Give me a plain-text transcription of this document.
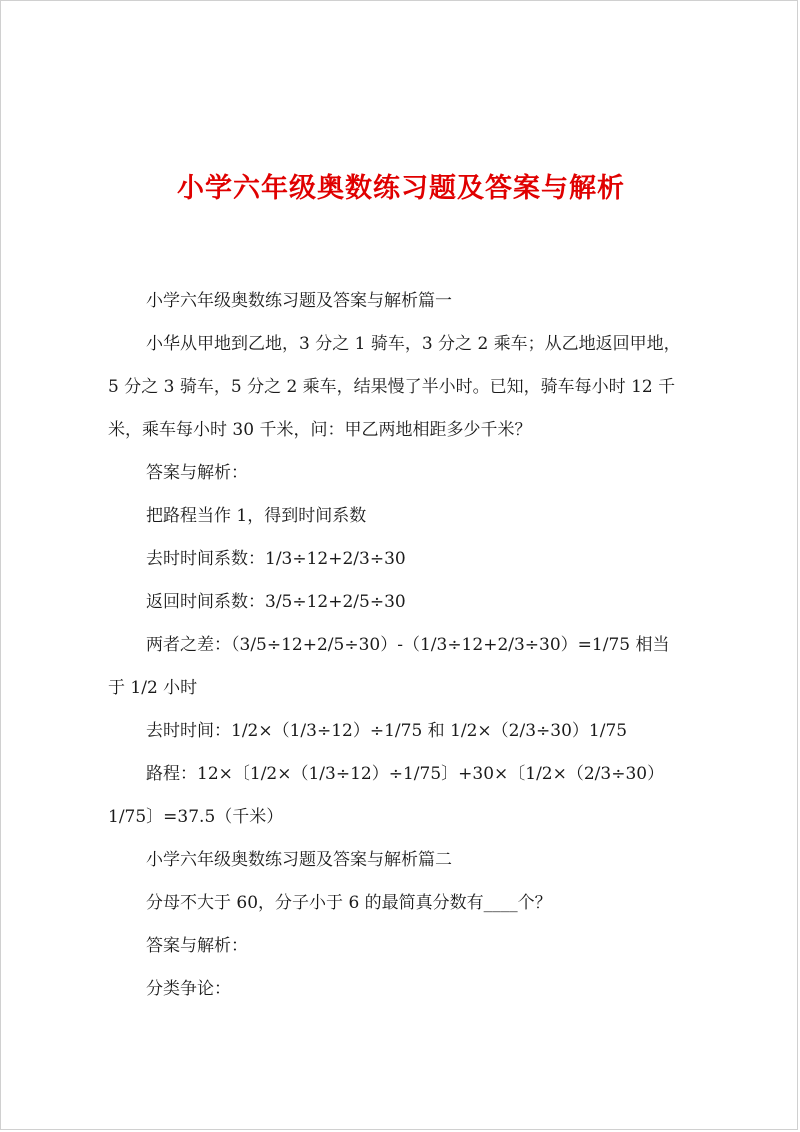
小学六年级奥数练习题及答案与解析

小学六年级奥数练习题及答案与解析篇一

小华从甲地到乙地，3 分之 1 骑车，3 分之 2 乘车；从乙地返回甲地，

5 分之 3 骑车，5 分之 2 乘车，结果慢了半小时。已知，骑车每小时 12 千

米，乘车每小时 30 千米，问：甲乙两地相距多少千米？

答案与解析：

把路程当作 1，得到时间系数

去时时间系数：1/3÷12+2/3÷30

返回时间系数：3/5÷12+2/5÷30

两者之差：（3/5÷12+2/5÷30）-（1/3÷12+2/3÷30）=1/75 相当

于 1/2 小时

去时时间：1/2×（1/3÷12）÷1/75 和 1/2×（2/3÷30）1/75

路程：12×〔1/2×（1/3÷12）÷1/75〕+30×〔1/2×（2/3÷30）

1/75〕=37.5（千米）

小学六年级奥数练习题及答案与解析篇二

分母不大于 60，分子小于 6 的最简真分数有____个？

答案与解析：

分类争论：
